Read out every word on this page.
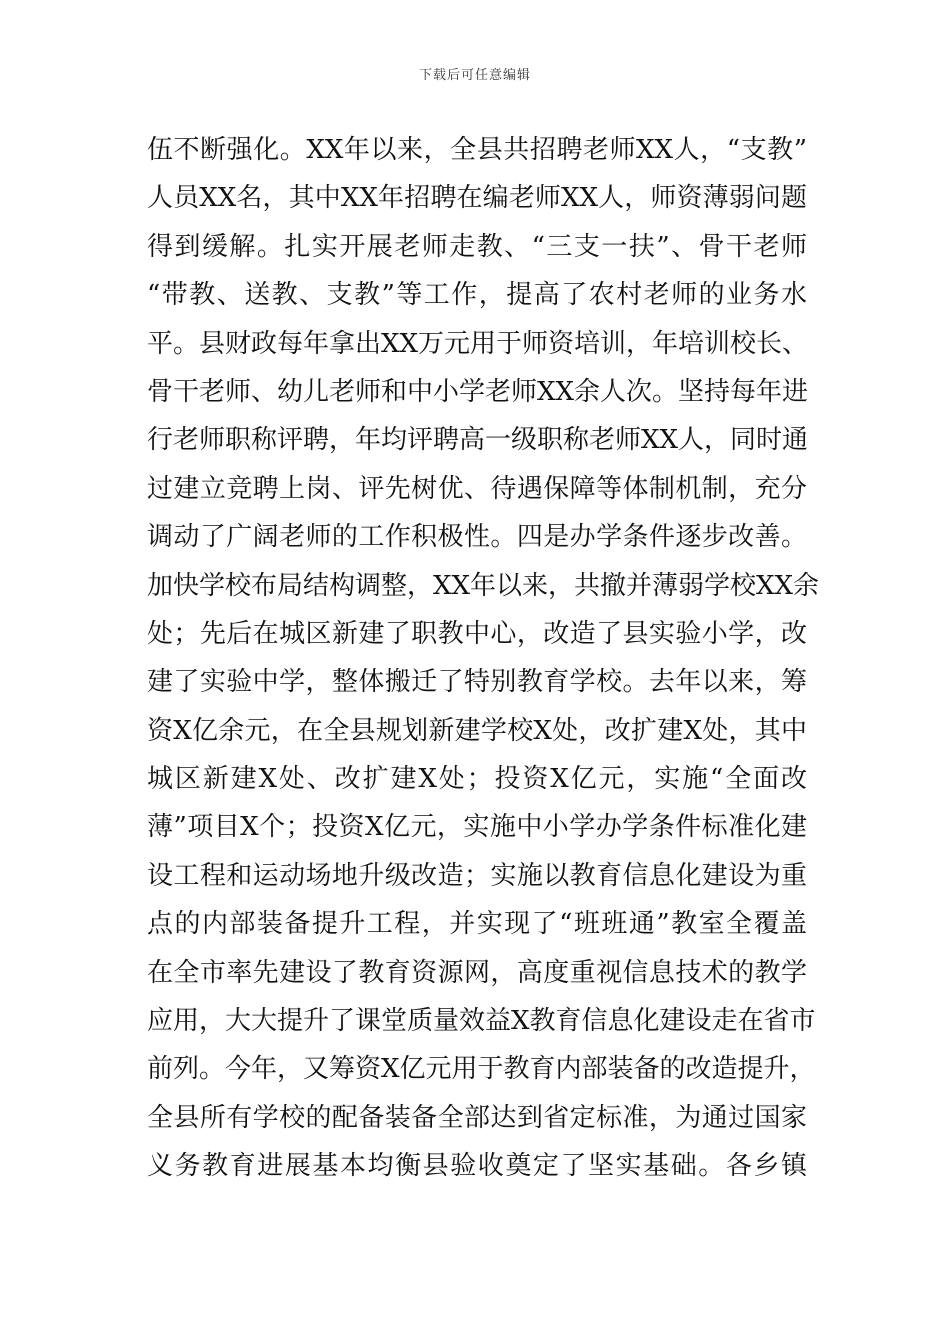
下载后可任意编辑
伍不断强化。XX年以来，全县共招聘老师XX人，“支教”
人员XX名，其中XX年招聘在编老师XX人，师资薄弱问题
得到缓解。扎实开展老师走教、“三支一扶”、骨干老师
“带教、送教、支教”等工作，提高了农村老师的业务水
平。县财政每年拿出XX万元用于师资培训，年培训校长、
骨干老师、幼儿老师和中小学老师XX余人次。坚持每年进
行老师职称评聘，年均评聘高一级职称老师XX人，同时通
过建立竞聘上岗、评先树优、待遇保障等体制机制，充分
调动了广阔老师的工作积极性。四是办学条件逐步改善。
加快学校布局结构调整，XX年以来，共撤并薄弱学校XX余
处；先后在城区新建了职教中心，改造了县实验小学，改
建了实验中学，整体搬迁了特别教育学校。去年以来，筹
资X亿余元，在全县规划新建学校X处，改扩建X处，其中
城区新建X处、改扩建X处；投资X亿元，实施“全面改
薄”项目X个；投资X亿元，实施中小学办学条件标准化建
设工程和运动场地升级改造；实施以教育信息化建设为重
点的内部装备提升工程，并实现了“班班通”教室全覆盖
在全市率先建设了教育资源网，高度重视信息技术的教学
应用，大大提升了课堂质量效益X教育信息化建设走在省市
前列。今年，又筹资X亿元用于教育内部装备的改造提升，
全县所有学校的配备装备全部达到省定标准，为通过国家
义务教育进展基本均衡县验收奠定了坚实基础。各乡镇
